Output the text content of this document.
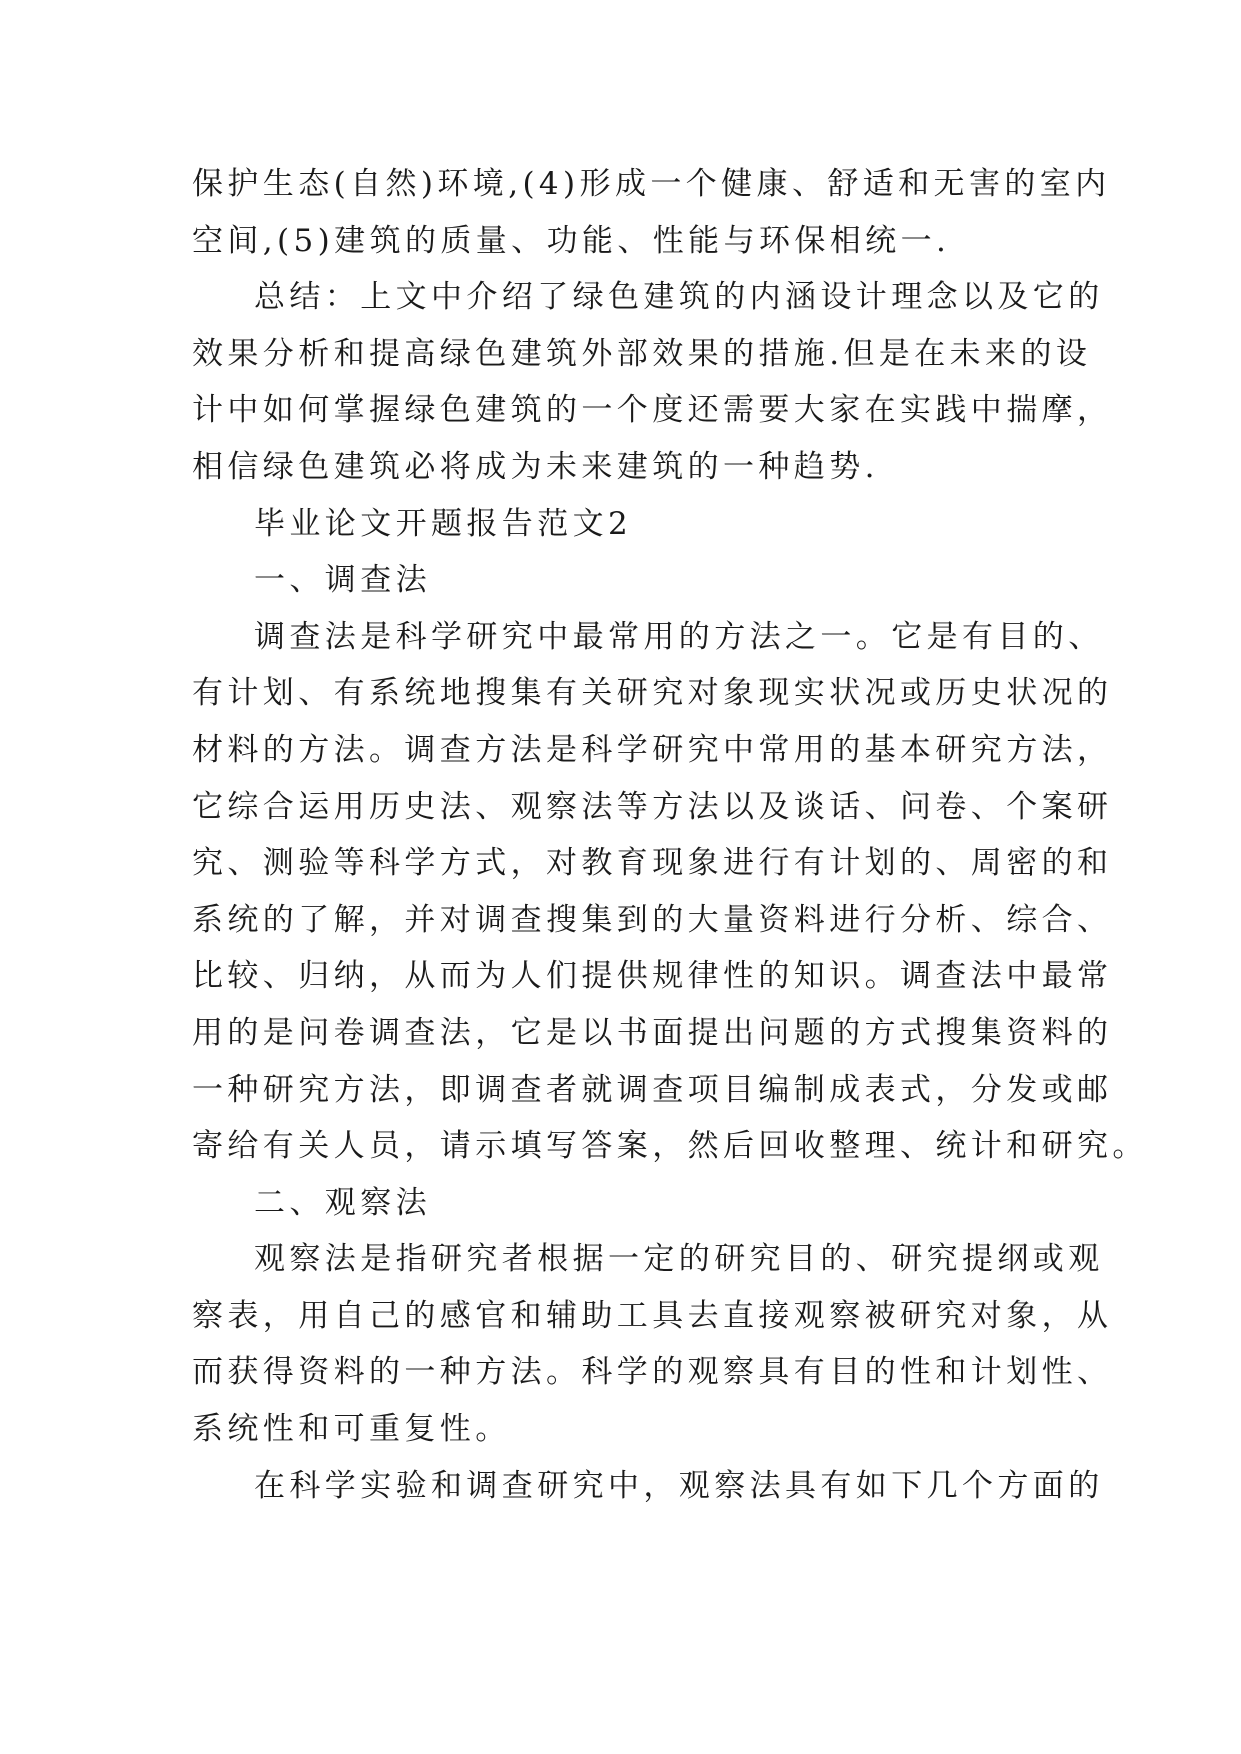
保护生态(自然)环境,(4)形成一个健康、舒适和无害的室内

空间,(5)建筑的质量、功能、性能与环保相统一.

总结：上文中介绍了绿色建筑的内涵设计理念以及它的

效果分析和提高绿色建筑外部效果的措施.但是在未来的设

计中如何掌握绿色建筑的一个度还需要大家在实践中揣摩，

相信绿色建筑必将成为未来建筑的一种趋势.

毕业论文开题报告范文2

一、调查法

调查法是科学研究中最常用的方法之一。它是有目的、

有计划、有系统地搜集有关研究对象现实状况或历史状况的

材料的方法。调查方法是科学研究中常用的基本研究方法，

它综合运用历史法、观察法等方法以及谈话、问卷、个案研

究、测验等科学方式，对教育现象进行有计划的、周密的和

系统的了解，并对调查搜集到的大量资料进行分析、综合、

比较、归纳，从而为人们提供规律性的知识。调查法中最常

用的是问卷调查法，它是以书面提出问题的方式搜集资料的

一种研究方法，即调查者就调查项目编制成表式，分发或邮

寄给有关人员，请示填写答案，然后回收整理、统计和研究。

二、观察法

观察法是指研究者根据一定的研究目的、研究提纲或观

察表，用自己的感官和辅助工具去直接观察被研究对象，从

而获得资料的一种方法。科学的观察具有目的性和计划性、

系统性和可重复性。

在科学实验和调查研究中，观察法具有如下几个方面的
